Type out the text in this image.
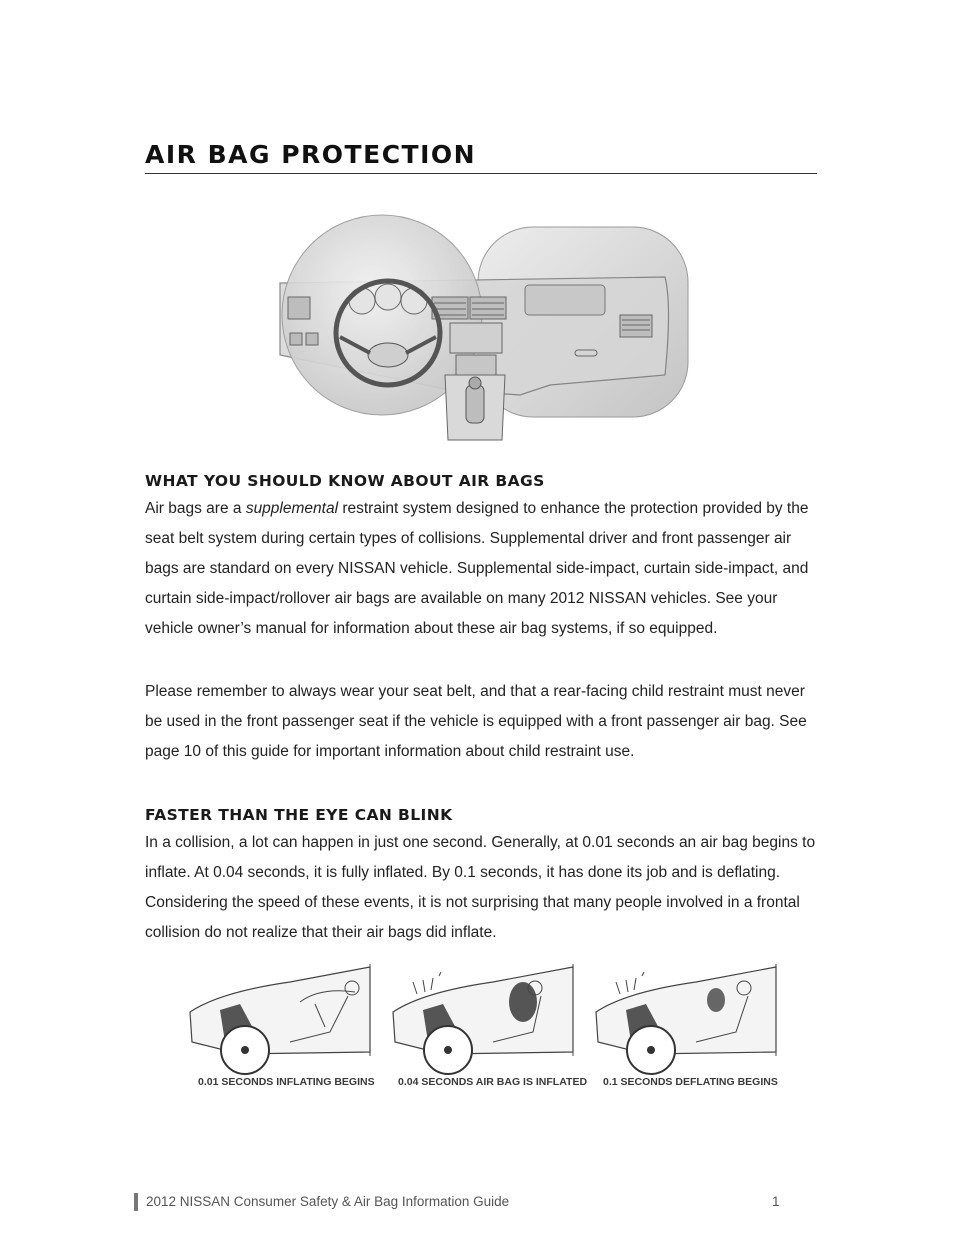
AIR BAG PROTECTION
WHAT YOU SHOULD KNOW ABOUT AIR BAGS

Air bags are a supplemental restraint system designed to enhance the protection provided by the seat belt system during certain types of collisions. Supplemental driver and front passenger air bags are standard on every NISSAN vehicle. Supplemental side-impact, curtain side-impact, and curtain side-impact/rollover air bags are available on many 2012 NISSAN vehicles. See your vehicle owner’s manual for information about these air bag systems, if so equipped.

Please remember to always wear your seat belt, and that a rear-facing child restraint must never be used in the front passenger seat if the vehicle is equipped with a front passenger air bag. See page 10 of this guide for important information about child restraint use.

FASTER THAN THE EYE CAN BLINK

In a collision, a lot can happen in just one second. Generally, at 0.01 seconds an air bag begins to inflate. At 0.04 seconds, it is fully inflated. By 0.1 seconds, it has done its job and is deflating. Considering the speed of these events, it is not surprising that many people involved in a frontal collision do not realize that their air bags did inflate.

0.01 SECONDS INFLATING BEGINS 0.04 SECONDS AIR BAG IS INFLATED 0.1 SECONDS DEFLATING BEGINS

2012 NISSAN Consumer Safety & Air Bag Information Guide	1
